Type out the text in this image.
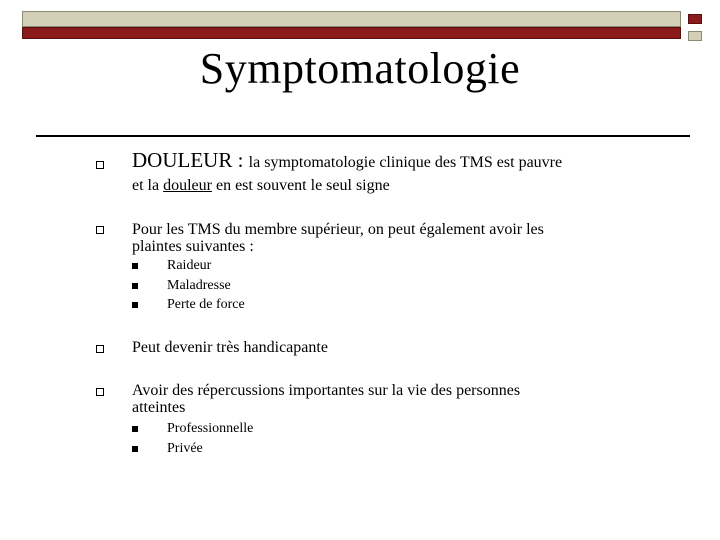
Symptomatologie
DOULEUR : la symptomatologie clinique des TMS est pauvre
et la douleur en est souvent le seul signe
Pour les TMS du membre supérieur, on peut également avoir les
plaintes suivantes :
Raideur
Maladresse
Perte de force
Peut devenir très handicapante
Avoir des répercussions importantes sur la vie des personnes
atteintes
Professionnelle
Privée
